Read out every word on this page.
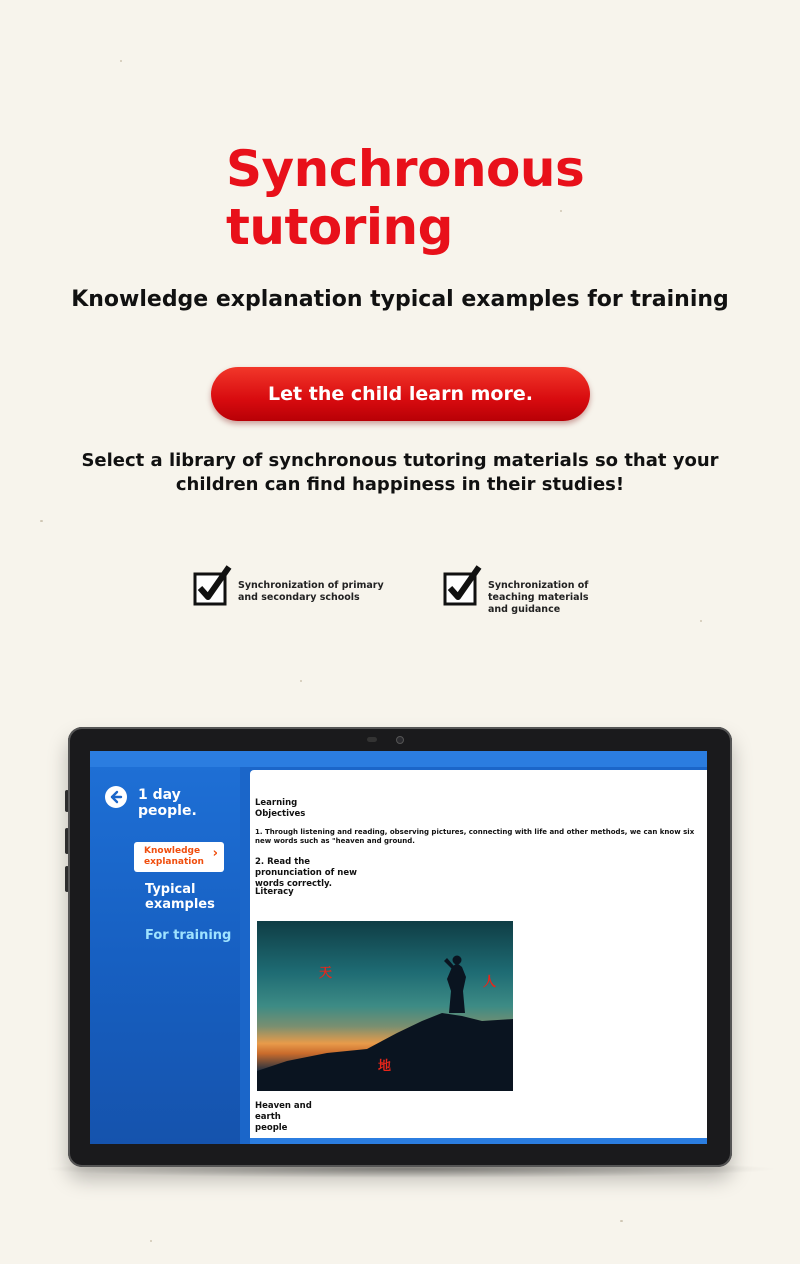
Synchronous
tutoring
Knowledge explanation typical examples for training
Let the child learn more.
Select a library of synchronous tutoring materials so that your children can find happiness in their studies!
Synchronization of primary and secondary schools
Synchronization of teaching materials and guidance
1 day people.
Knowledge explanation
›
Typical examples
For training
Learning Objectives
1. Through listening and reading, observing pictures, connecting with life and other methods, we can know six new words such as "heaven and ground.
2. Read the pronunciation of new words correctly.
Literacy
天
人
地
Heaven and earth people
